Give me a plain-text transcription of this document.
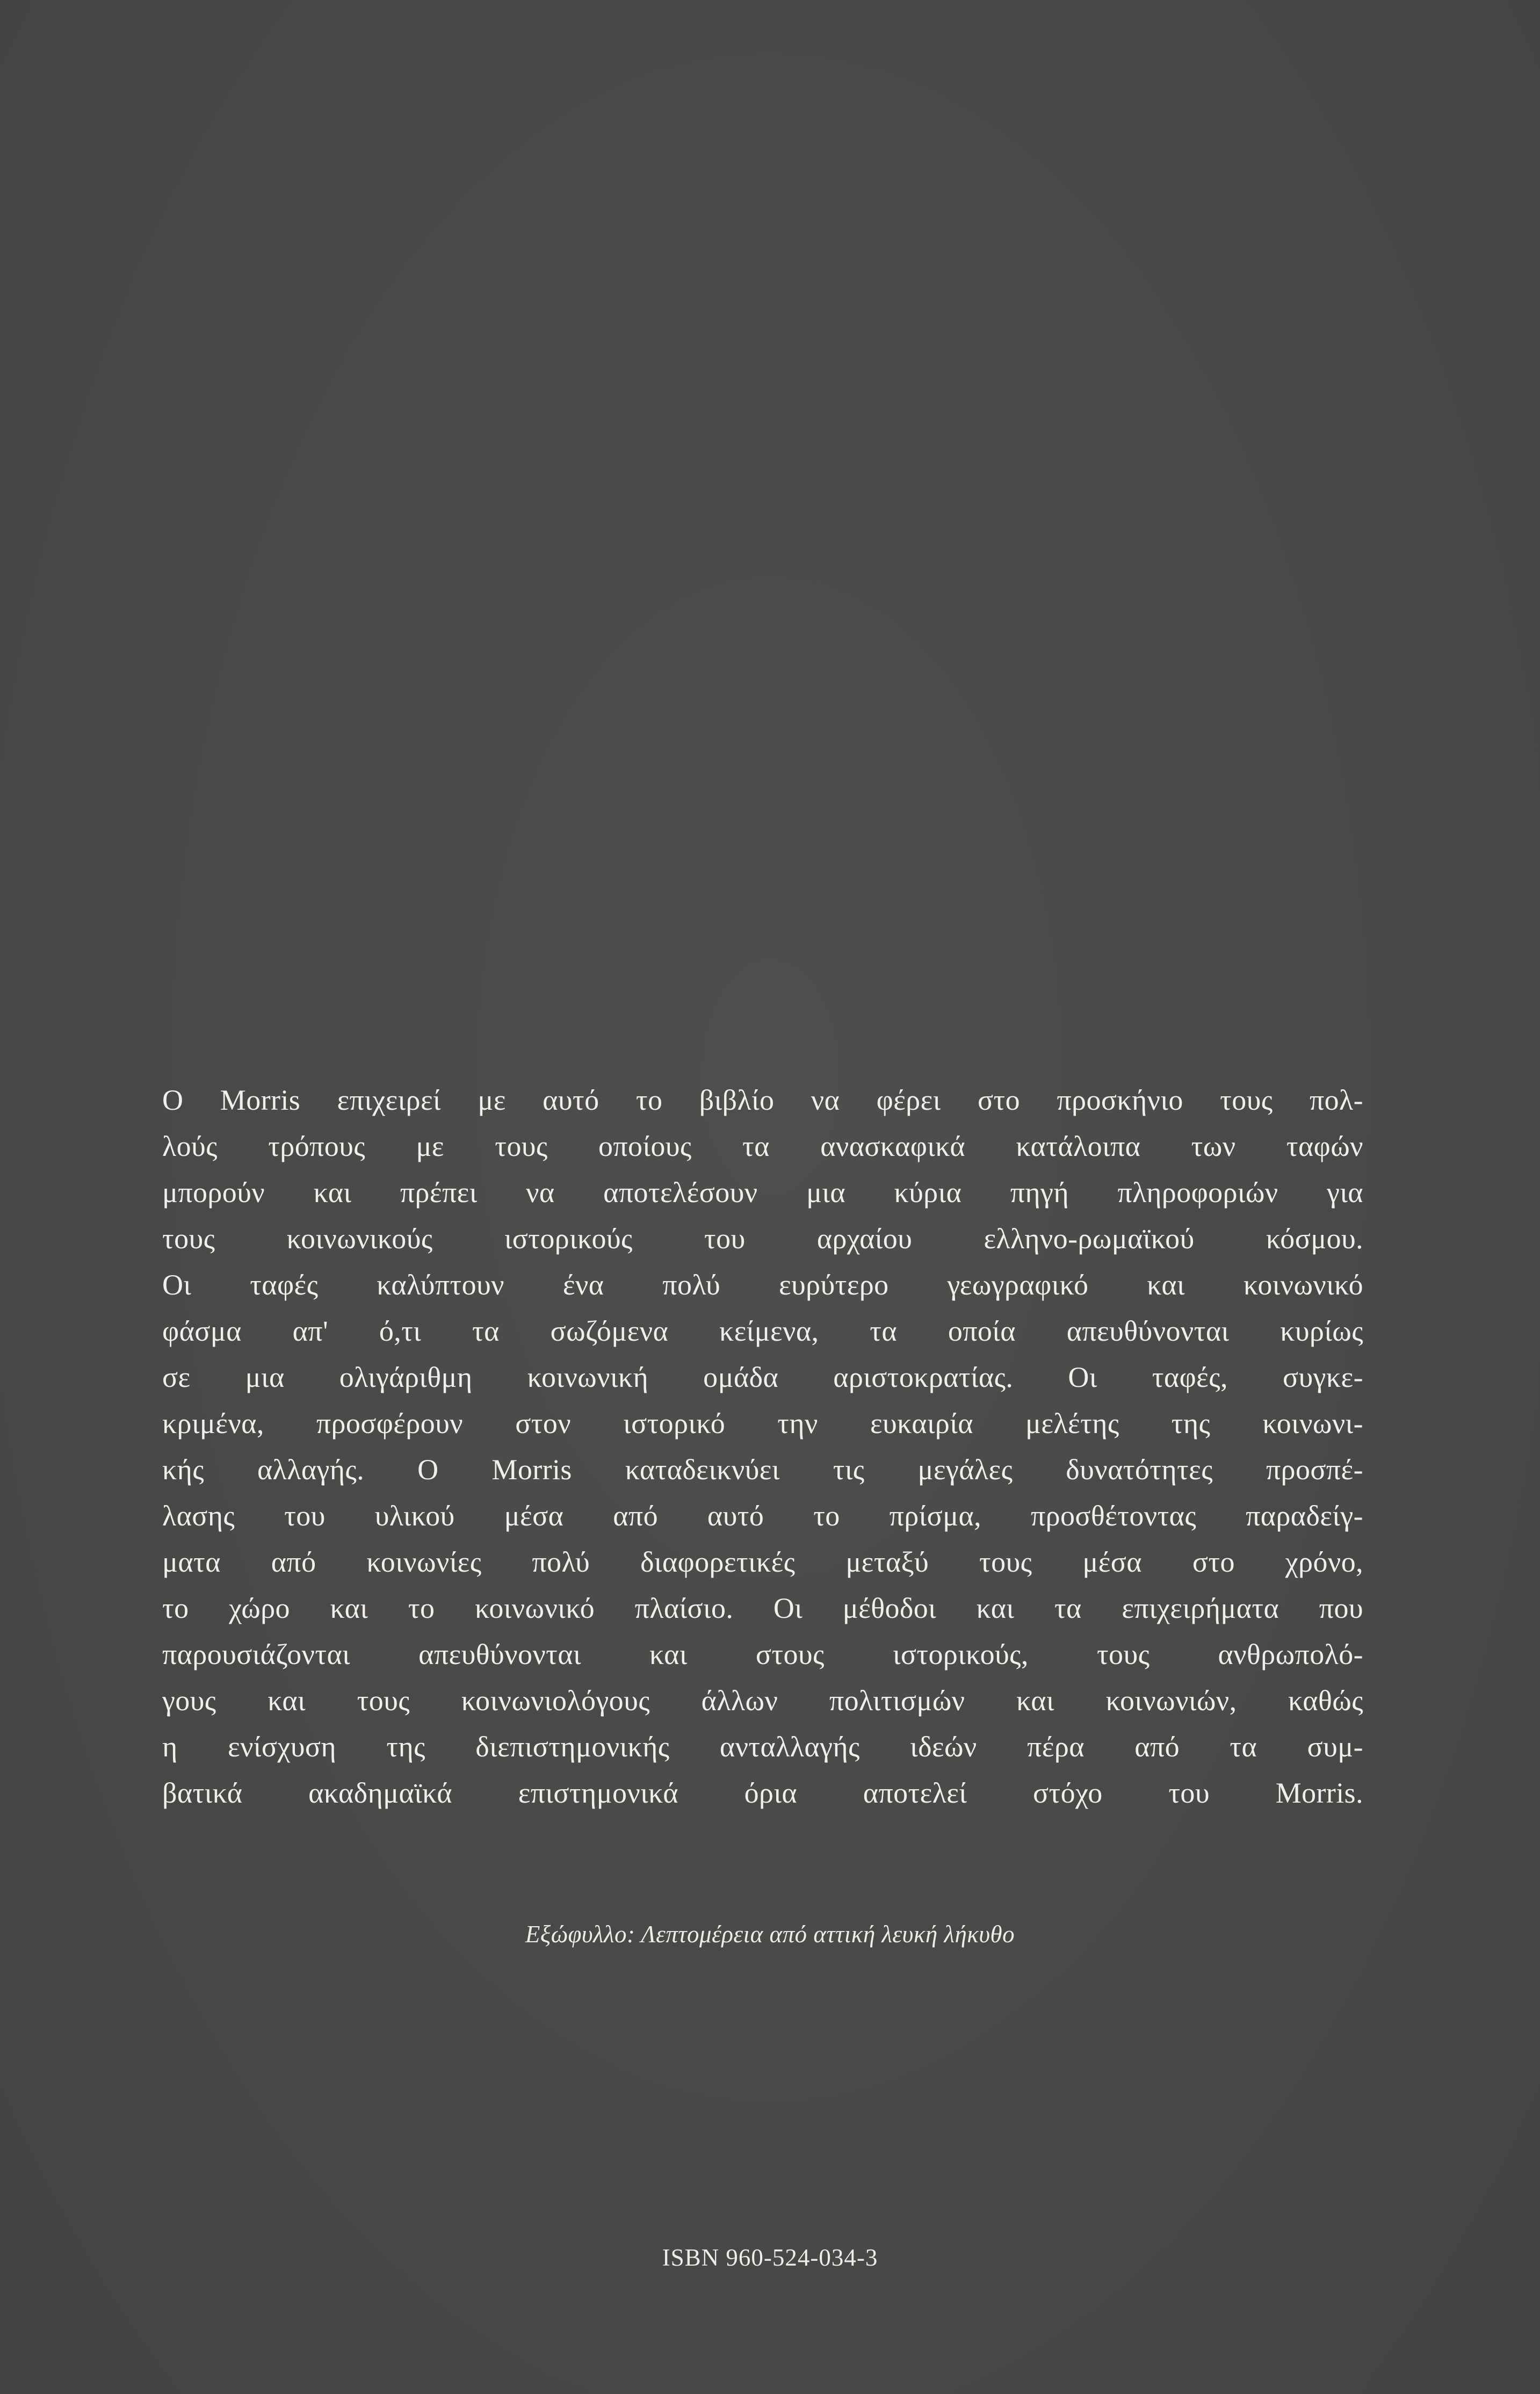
Ο Morris επιχειρεί με αυτό το βιβλίο να φέρει στο προσκήνιο τους πολ-
λούς τρόπους με τους οποίους τα ανασκαφικά κατάλοιπα των ταφών
μπορούν και πρέπει να αποτελέσουν μια κύρια πηγή πληροφοριών για
τους κοινωνικούς ιστορικούς του αρχαίου ελληνο-ρωμαϊκού κόσμου.
Οι ταφές καλύπτουν ένα πολύ ευρύτερο γεωγραφικό και κοινωνικό
φάσμα απ' ό,τι τα σωζόμενα κείμενα, τα οποία απευθύνονται κυρίως
σε μια ολιγάριθμη κοινωνική ομάδα αριστοκρατίας. Οι ταφές, συγκε-
κριμένα, προσφέρουν στον ιστορικό την ευκαιρία μελέτης της κοινωνι-
κής αλλαγής. Ο Morris καταδεικνύει τις μεγάλες δυνατότητες προσπέ-
λασης του υλικού μέσα από αυτό το πρίσμα, προσθέτοντας παραδείγ-
ματα από κοινωνίες πολύ διαφορετικές μεταξύ τους μέσα στο χρόνο,
το χώρο και το κοινωνικό πλαίσιο. Οι μέθοδοι και τα επιχειρήματα που
παρουσιάζονται απευθύνονται και στους ιστορικούς, τους ανθρωπολό-
γους και τους κοινωνιολόγους άλλων πολιτισμών και κοινωνιών, καθώς
η ενίσχυση της διεπιστημονικής ανταλλαγής ιδεών πέρα από τα συμ-
βατικά ακαδημαϊκά επιστημονικά όρια αποτελεί στόχο του Morris.
Εξώφυλλο: Λεπτομέρεια από αττική λευκή λήκυθο
ISBN 960-524-034-3
